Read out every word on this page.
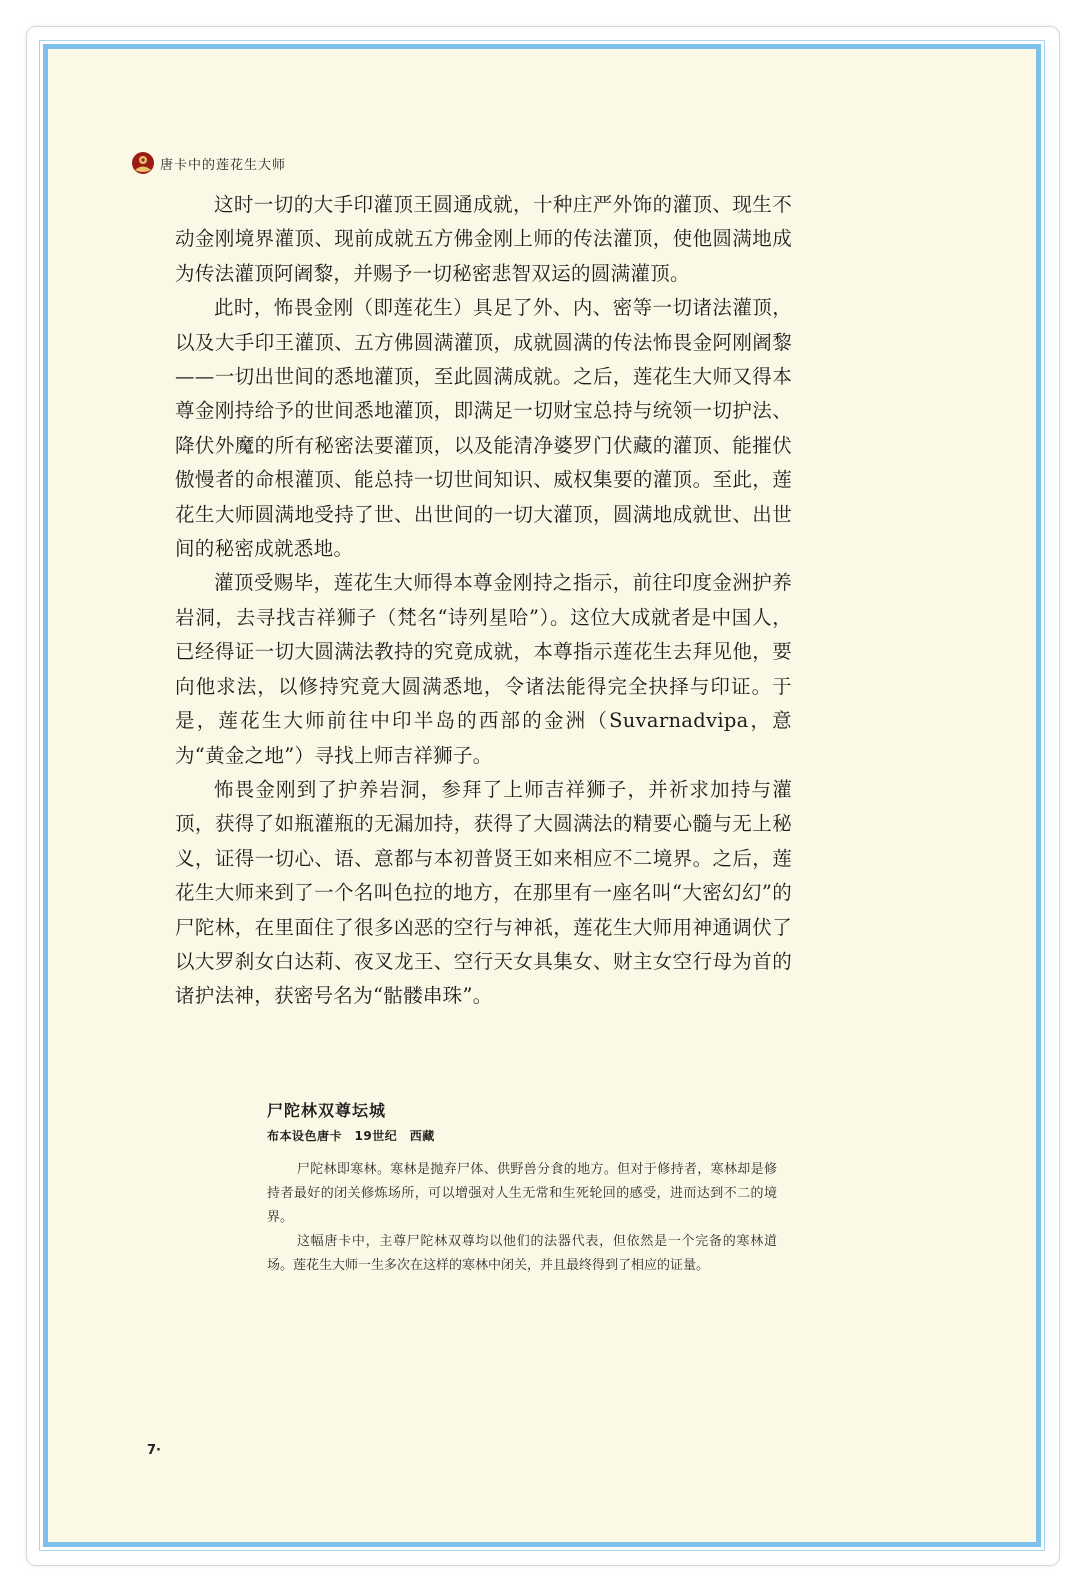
唐卡中的莲花生大师

这时一切的大手印灌顶王圆通成就，十种庄严外饰的灌顶、现生不动金刚境界灌顶、现前成就五方佛金刚上师的传法灌顶，使他圆满地成为传法灌顶阿阇黎，并赐予一切秘密悲智双运的圆满灌顶。

此时，怖畏金刚（即莲花生）具足了外、内、密等一切诸法灌顶，以及大手印王灌顶、五方佛圆满灌顶，成就圆满的传法怖畏金阿刚阇黎——一切出世间的悉地灌顶，至此圆满成就。之后，莲花生大师又得本尊金刚持给予的世间悉地灌顶，即满足一切财宝总持与统领一切护法、降伏外魔的所有秘密法要灌顶，以及能清净婆罗门伏藏的灌顶、能摧伏傲慢者的命根灌顶、能总持一切世间知识、威权集要的灌顶。至此，莲花生大师圆满地受持了世、出世间的一切大灌顶，圆满地成就世、出世间的秘密成就悉地。

灌顶受赐毕，莲花生大师得本尊金刚持之指示，前往印度金洲护养岩洞，去寻找吉祥狮子（梵名“诗列星哈”）。这位大成就者是中国人，已经得证一切大圆满法教持的究竟成就，本尊指示莲花生去拜见他，要向他求法，以修持究竟大圆满悉地，令诸法能得完全抉择与印证。于是，莲花生大师前往中印半岛的西部的金洲（Suvarnadvipa，意为“黄金之地”）寻找上师吉祥狮子。

怖畏金刚到了护养岩洞，参拜了上师吉祥狮子，并祈求加持与灌顶，获得了如瓶灌瓶的无漏加持，获得了大圆满法的精要心髓与无上秘义，证得一切心、语、意都与本初普贤王如来相应不二境界。之后，莲花生大师来到了一个名叫色拉的地方，在那里有一座名叫“大密幻幻”的尸陀林，在里面住了很多凶恶的空行与神祇，莲花生大师用神通调伏了以大罗刹女白达莉、夜叉龙王、空行天女具集女、财主女空行母为首的诸护法神，获密号名为“骷髅串珠”。

尸陀林双尊坛城
布本设色唐卡　19世纪　西藏

尸陀林即寒林。寒林是抛弃尸体、供野兽分食的地方。但对于修持者，寒林却是修持者最好的闭关修炼场所，可以增强对人生无常和生死轮回的感受，进而达到不二的境界。

这幅唐卡中，主尊尸陀林双尊均以他们的法器代表，但依然是一个完备的寒林道场。莲花生大师一生多次在这样的寒林中闭关，并且最终得到了相应的证量。

7·
